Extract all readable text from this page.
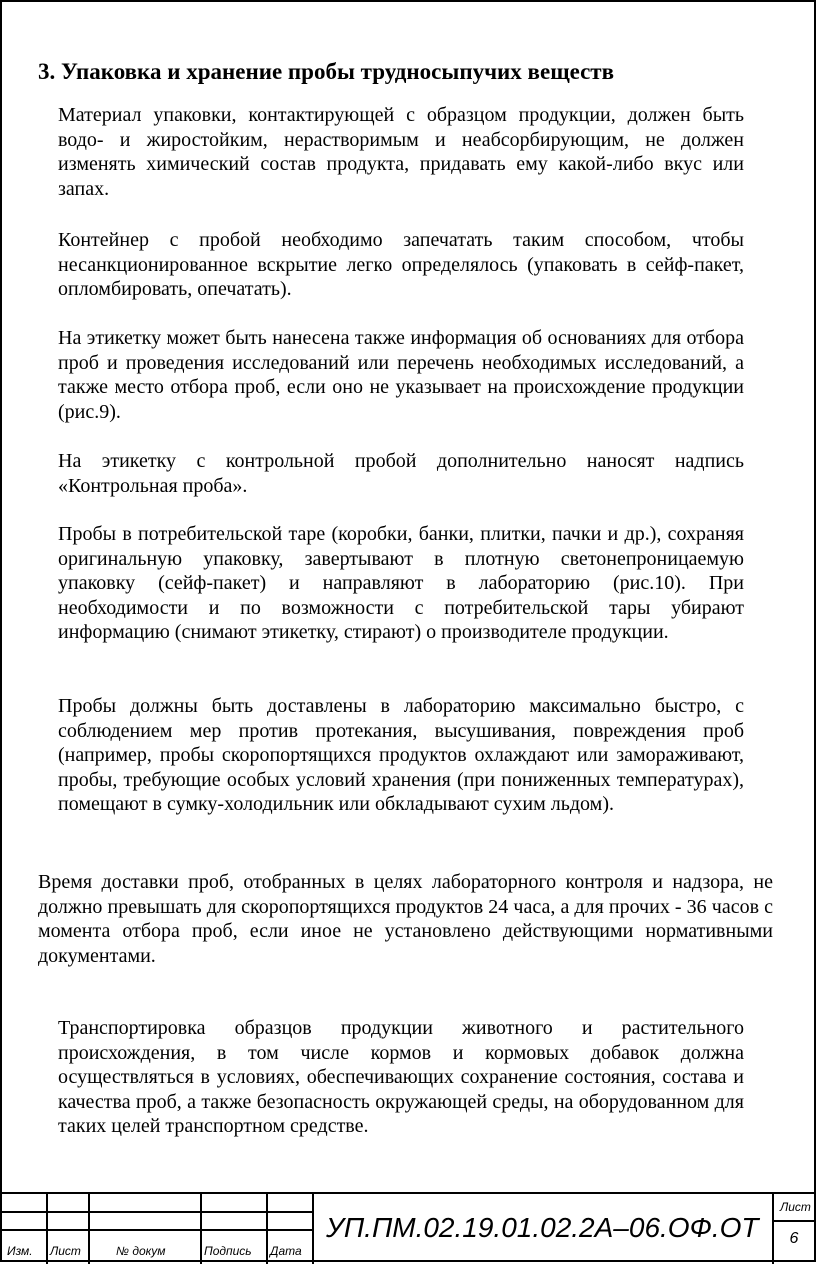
3. Упаковка и хранение пробы трудносыпучих веществ

Материал упаковки, контактирующей с образцом продукции, должен быть водо- и жиростойким, нерастворимым и неабсорбирующим, не должен изменять химический состав продукта, придавать ему какой-либо вкус или запах.

Контейнер с пробой необходимо запечатать таким способом, чтобы несанкционированное вскрытие легко определялось (упаковать в сейф-пакет, опломбировать, опечатать).

На этикетку может быть нанесена также информация об основаниях для отбора проб и проведения исследований или перечень необходимых исследований, а также место отбора проб, если оно не указывает на происхождение продукции (рис.9).

На этикетку с контрольной пробой дополнительно наносят надпись «Контрольная проба».

Пробы в потребительской таре (коробки, банки, плитки, пачки и др.), сохраняя оригинальную упаковку, завертывают в плотную светонепроницаемую упаковку (сейф-пакет) и направляют в лабораторию (рис.10). При необходимости и по возможности с потребительской тары убирают информацию (снимают этикетку, стирают) о производителе продукции.

Пробы должны быть доставлены в лабораторию максимально быстро, с соблюдением мер против протекания, высушивания, повреждения проб (например, пробы скоропортящихся продуктов охлаждают или замораживают, пробы, требующие особых условий хранения (при пониженных температурах), помещают в сумку-холодильник или обкладывают сухим льдом).

Время доставки проб, отобранных в целях лабораторного контроля и надзора, не должно превышать для скоропортящихся продуктов 24 часа, а для прочих - 36 часов с момента отбора проб, если иное не установлено действующими нормативными документами.

Транспортировка образцов продукции животного и растительного происхождения, в том числе кормов и кормовых добавок должна осуществляться в условиях, обеспечивающих сохранение состояния, состава и качества проб, а также безопасность окружающей среды, на оборудованном для таких целей транспортном средстве.

Изм. Лист	№ докум	Подпись Дата
УП.ПМ.02.19.01.02.2А–06.ОФ.ОТ
Лист
6
